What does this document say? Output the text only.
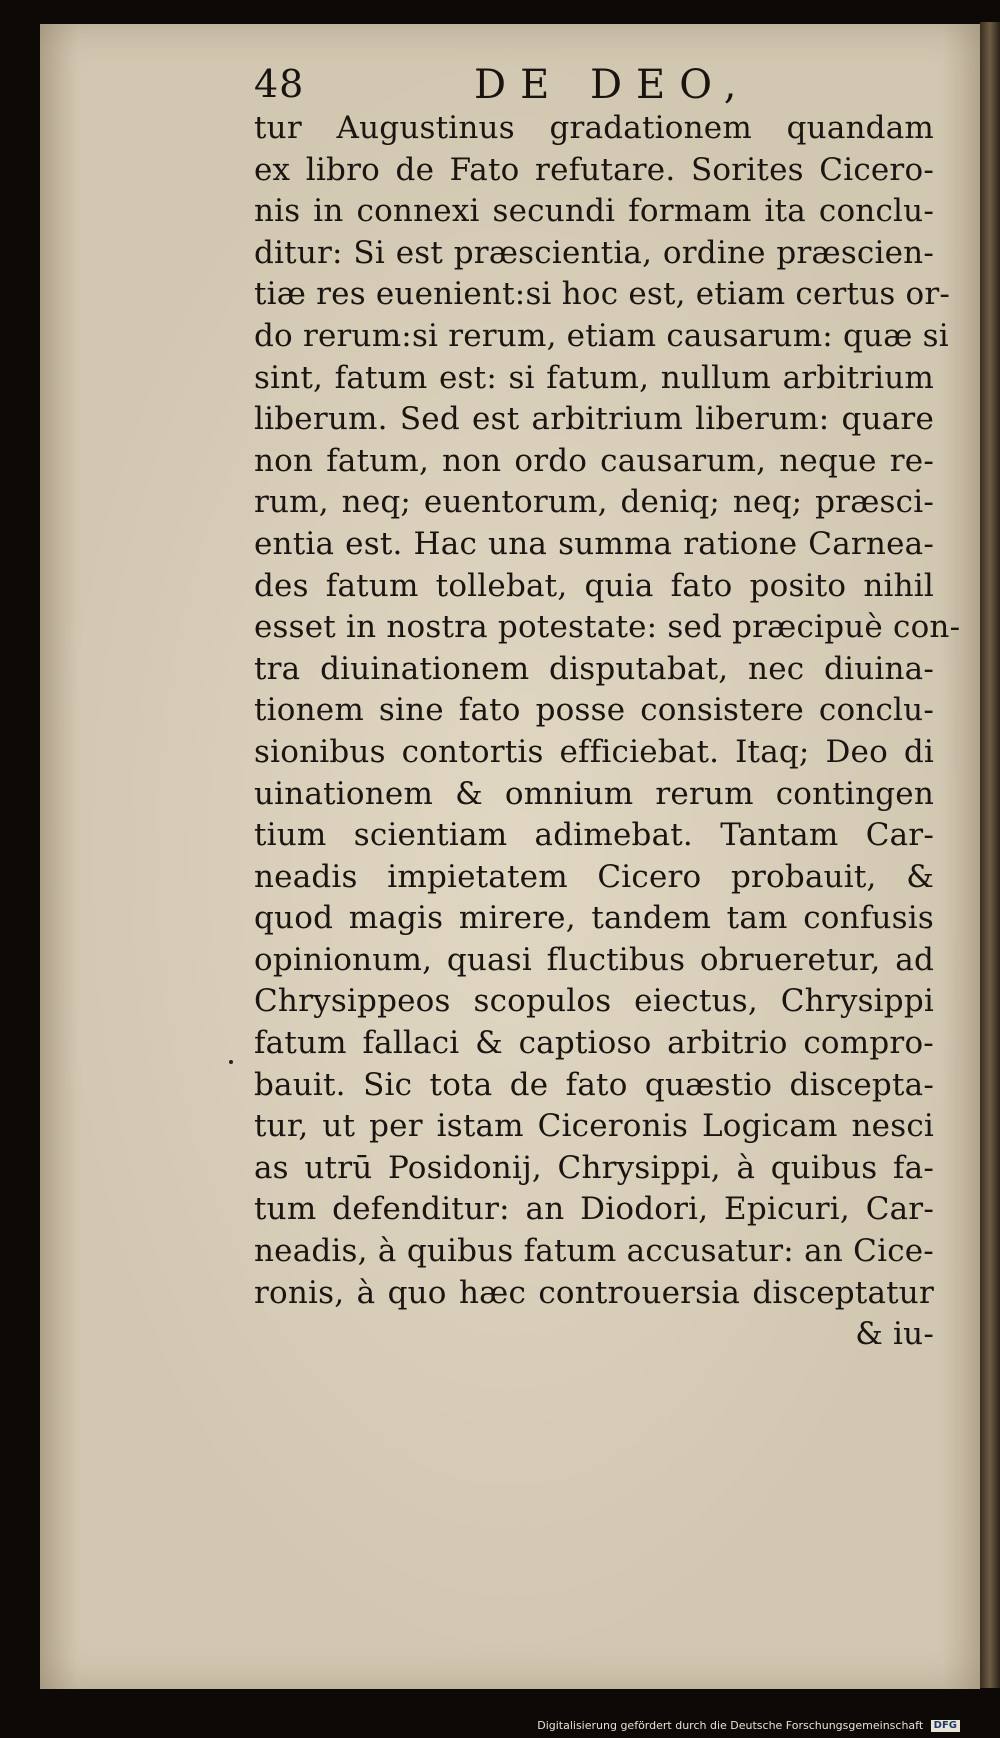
48	DE DEO,
tur Augustinus gradationem quandam
ex libro de Fato refutare. Sorites Cicero-
nis in connexi secundi formam ita conclu-
ditur: Si est præscientia, ordine præscien-
tiæ res euenient:si hoc est, etiam certus or-
do rerum:si rerum, etiam causarum: quæ si
sint, fatum est: si fatum, nullum arbitrium
liberum. Sed est arbitrium liberum: quare
non fatum, non ordo causarum, neque re-
rum, neq; euentorum, deniq; neq; præsci-
entia est. Hac una summa ratione Carnea-
des fatum tollebat, quia fato posito nihil
esset in nostra potestate: sed præcipuè con-
tra diuinationem disputabat, nec diuina-
tionem sine fato posse consistere conclu-
sionibus contortis efficiebat. Itaq; Deo di
uinationem & omnium rerum contingen
tium scientiam adimebat. Tantam Car-
neadis impietatem Cicero probauit, &
quod magis mirere, tandem tam confusis
opinionum, quasi fluctibus obrueretur, ad
Chrysippeos scopulos eiectus, Chrysippi
fatum fallaci & captioso arbitrio compro-
bauit. Sic tota de fato quæstio discepta-
tur, ut per istam Ciceronis Logicam nesci
as utrū Posidonij, Chrysippi, à quibus fa-
tum defenditur: an Diodori, Epicuri, Car-
neadis, à quibus fatum accusatur: an Cice-
ronis, à quo hæc controuersia disceptatur
& iu-
Digitalisierung gefördert durch die Deutsche Forschungsgemeinschaft DFG
